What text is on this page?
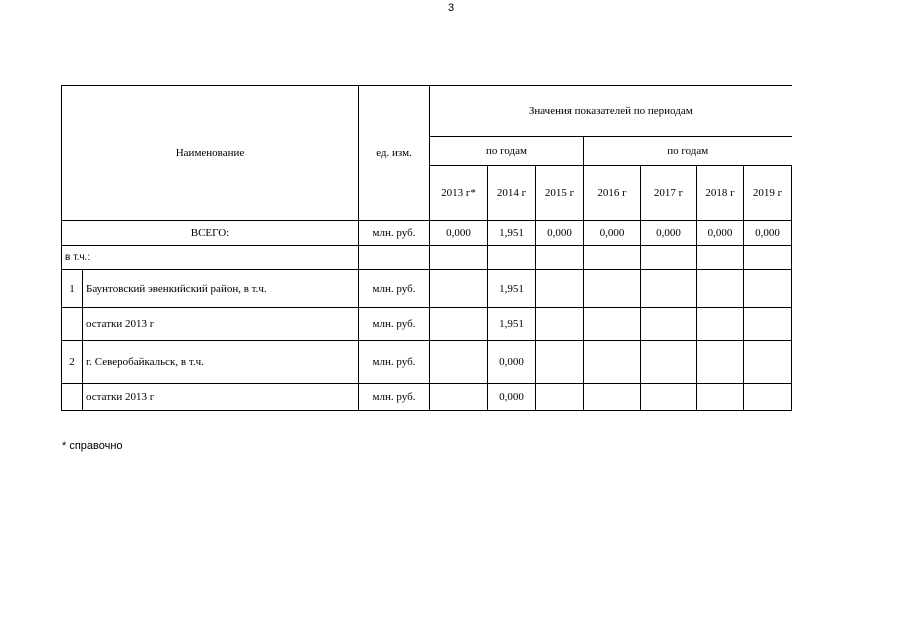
3
Наименование		ед. изм.	Значения показателей по периодам						
			по годам			по годам			
			2013 г*	2014 г	2015 г	2016 г	2017 г	2018 г	2019 г
ВСЕГО:		млн. руб.	0,000	1,951	0,000	0,000	0,000	0,000	0,000
в т.ч.:									
1	Баунтовский эвенкийский район, в т.ч.	млн. руб.		1,951					
	остатки 2013 г	млн. руб.		1,951					
2	г. Северобайкальск, в т.ч.	млн. руб.		0,000					
	остатки 2013 г	млн. руб.		0,000					
* справочно
